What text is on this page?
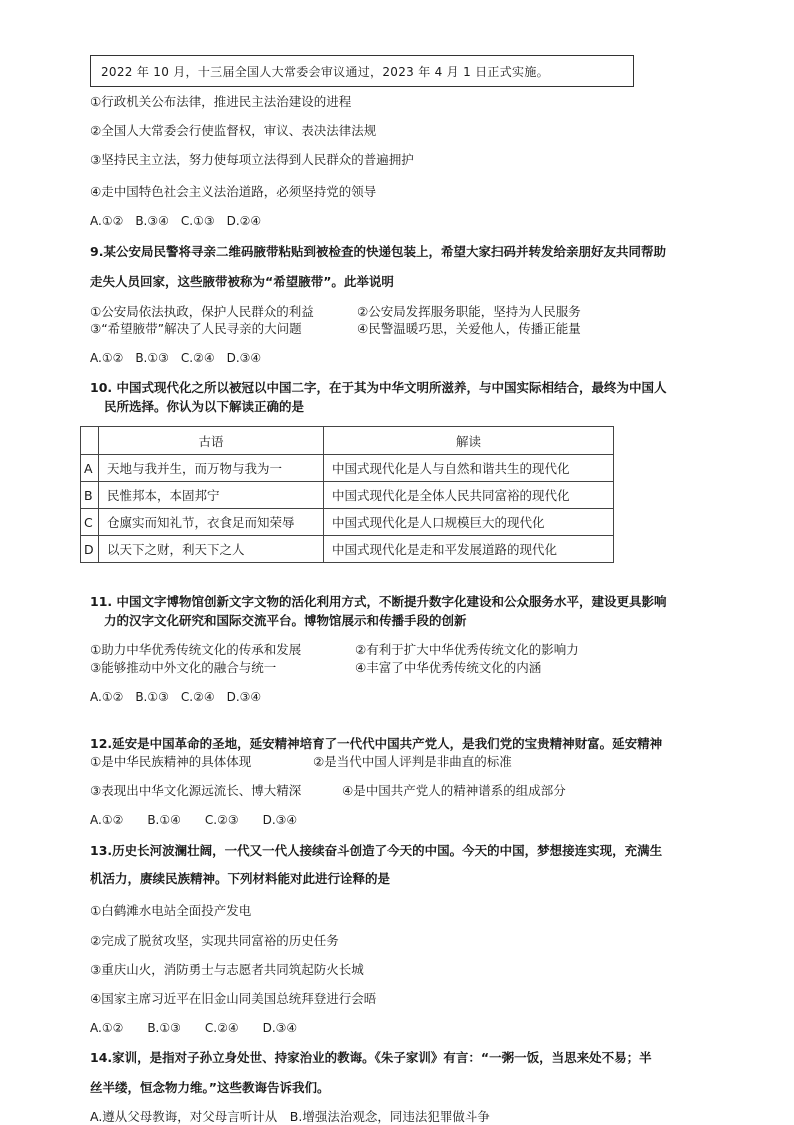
2022 年 10 月，十三届全国人大常委会审议通过，2023 年 4 月 1 日正式实施。
①行政机关公布法律，推进民主法治建设的进程
②全国人大常委会行使监督权，审议、表决法律法规
③坚持民主立法，努力使每项立法得到人民群众的普遍拥护
④走中国特色社会主义法治道路，必须坚持党的领导
A.①②　B.③④　C.①③　D.②④
9.某公安局民警将寻亲二维码腋带粘贴到被检查的快递包装上，希望大家扫码并转发给亲朋好友共同帮助
走失人员回家，这些腋带被称为“希望腋带”。此举说明
①公安局依法执政，保护人民群众的利益	②公安局发挥服务职能，坚持为人民服务
③“希望腋带”解决了人民寻亲的大问题	④民警温暖巧思，关爱他人，传播正能量
A.①②　B.①③　C.②④　D.③④
10. 中国式现代化之所以被冠以中国二字，在于其为中华文明所滋养，与中国实际相结合，最终为中国人
民所选择。你认为以下解读正确的是
	古语	解读
A	天地与我并生，而万物与我为一	中国式现代化是人与自然和谐共生的现代化
B	民惟邦本，本固邦宁	中国式现代化是全体人民共同富裕的现代化
C	仓廪实而知礼节，衣食足而知荣辱	中国式现代化是人口规模巨大的现代化
D	以天下之财，利天下之人	中国式现代化是走和平发展道路的现代化
11. 中国文字博物馆创新文字文物的活化利用方式，不断提升数字化建设和公众服务水平，建设更具影响
力的汉字文化研究和国际交流平台。博物馆展示和传播手段的创新
①助力中华优秀传统文化的传承和发展	②有利于扩大中华优秀传统文化的影响力
③能够推动中外文化的融合与统一	④丰富了中华优秀传统文化的内涵
A.①②　B.①③　C.②④　D.③④
12.延安是中国革命的圣地，延安精神培育了一代代中国共产党人，是我们党的宝贵精神财富。延安精神
①是中华民族精神的具体体现	②是当代中国人评判是非曲直的标准
③表现出中华文化源远流长、博大精深	④是中国共产党人的精神谱系的组成部分
A.①②　　B.①④　　C.②③　　D.③④
13.历史长河波澜壮阔，一代又一代人接续奋斗创造了今天的中国。今天的中国，梦想接连实现，充满生
机活力，赓续民族精神。下列材料能对此进行诠释的是
①白鹤滩水电站全面投产发电
②完成了脱贫攻坚，实现共同富裕的历史任务
③重庆山火，消防勇士与志愿者共同筑起防火长城
④国家主席习近平在旧金山同美国总统拜登进行会晤
A.①②　　B.①③　　C.②④　　D.③④
14.家训，是指对子孙立身处世、持家治业的教诲。《朱子家训》有言：“一粥一饭，当思来处不易；半
丝半缕，恒念物力维。”这些教诲告诉我们。
A.遵从父母教诲，对父母言听计从　B.增强法治观念，同违法犯罪做斗争
